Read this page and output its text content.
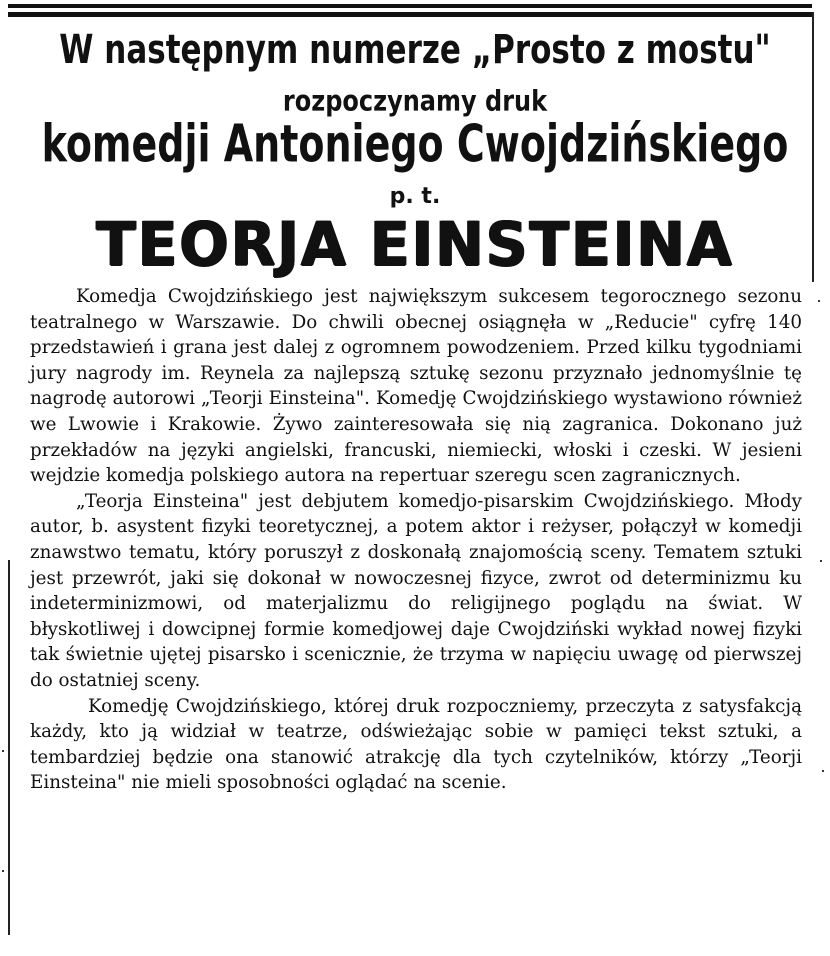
W następnym numerze „Prosto z mostu"
rozpoczynamy druk
komedji Antoniego Cwojdzińskiego
p. t.
TEORJA EINSTEINA

Komedja Cwojdzińskiego jest największym sukcesem tegorocznego sezonu teatralnego w Warszawie. Do chwili obecnej osiągnęła w „Reducie" cyfrę 140 przedstawień i grana jest dalej z ogromnem powodzeniem. Przed kilku tygodniami jury nagrody im. Reynela za najlepszą sztukę sezonu przyznało jednomyślnie tę nagrodę autorowi „Teorji Einsteina". Komedję Cwojdzińskiego wystawiono również we Lwowie i Krakowie. Żywo zainteresowała się nią zagranica. Dokonano już przekładów na języki angielski, francuski, niemiecki, włoski i czeski. W jesieni wejdzie komedja polskiego autora na repertuar szeregu scen zagranicznych.

„Teorja Einsteina" jest debjutem komedjo-pisarskim Cwojdzińskiego. Młody autor, b. asystent fizyki teoretycznej, a potem aktor i reżyser, połączył w komedji znawstwo tematu, który poruszył z doskonałą znajomością sceny. Tematem sztuki jest przewrót, jaki się dokonał w nowoczesnej fizyce, zwrot od determinizmu ku indeterminizmowi, od materjalizmu do religijnego poglądu na świat. W błyskotliwej i dowcipnej formie komedjowej daje Cwojdziński wykład nowej fizyki tak świetnie ujętej pisarsko i scenicznie, że trzyma w napięciu uwagę od pierwszej do ostatniej sceny.

Komedję Cwojdzińskiego, której druk rozpoczniemy, przeczyta z satysfakcją każdy, kto ją widział w teatrze, odświeżając sobie w pamięci tekst sztuki, a tembardziej będzie ona stanowić atrakcję dla tych czytelników, którzy „Teorji Einsteina" nie mieli sposobności oglądać na scenie.
